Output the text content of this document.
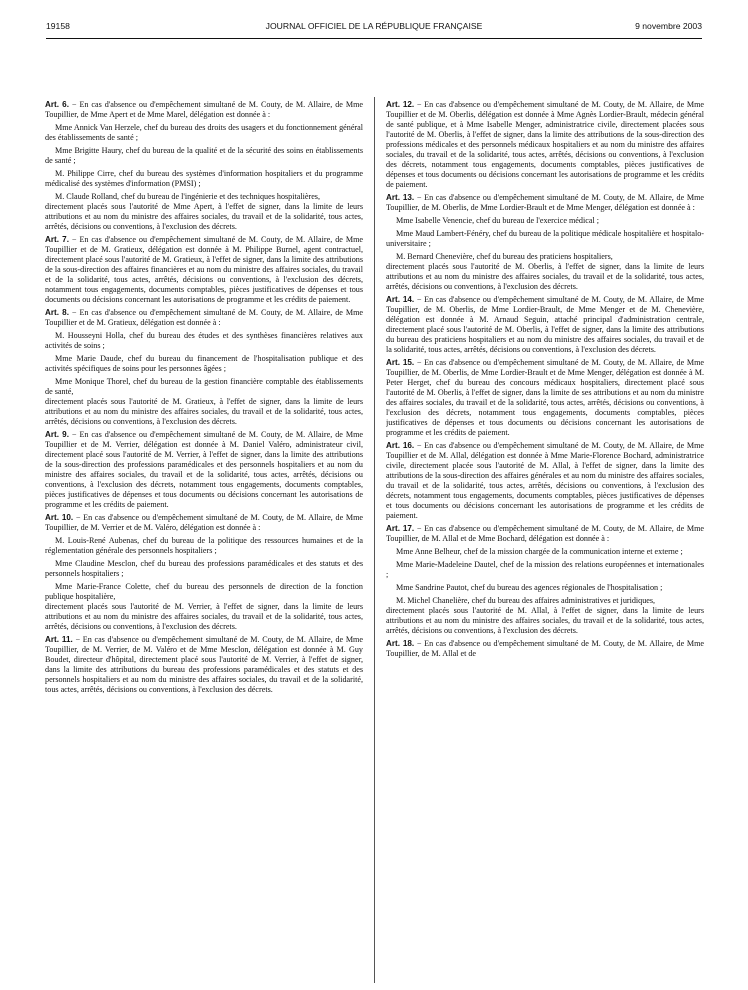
19158	JOURNAL OFFICIEL DE LA RÉPUBLIQUE FRANÇAISE	9 novembre 2003

Art. 6. − En cas d'absence ou d'empêchement simultané de M. Couty, de M. Allaire, de Mme Toupillier, de Mme Apert et de Mme Marel, délégation est donnée à :

Mme Annick Van Herzele, chef du bureau des droits des usagers et du fonctionnement général des établissements de santé ;

Mme Brigitte Haury, chef du bureau de la qualité et de la sécurité des soins en établissements de santé ;

M. Philippe Cirre, chef du bureau des systèmes d'information hospitaliers et du programme médicalisé des systèmes d'information (PMSI) ;

M. Claude Rolland, chef du bureau de l'ingénierie et des techniques hospitalières,

directement placés sous l'autorité de Mme Apert, à l'effet de signer, dans la limite de leurs attributions et au nom du ministre des affaires sociales, du travail et de la solidarité, tous actes, arrêtés, décisions ou conventions, à l'exclusion des décrets.

Art. 7. − En cas d'absence ou d'empêchement simultané de M. Couty, de M. Allaire, de Mme Toupillier et de M. Gratieux, délégation est donnée à M. Philippe Burnel, agent contractuel, directement placé sous l'autorité de M. Gratieux, à l'effet de signer, dans la limite des attributions de la sous-direction des affaires financières et au nom du ministre des affaires sociales, du travail et de la solidarité, tous actes, arrêtés, décisions ou conventions, à l'exclusion des décrets, notamment tous engagements, documents comptables, pièces justificatives de dépenses et tous documents ou décisions concernant les autorisations de programme et les crédits de paiement.

Art. 8. − En cas d'absence ou d'empêchement simultané de M. Couty, de M. Allaire, de Mme Toupillier et de M. Gratieux, délégation est donnée à :

M. Housseyni Holla, chef du bureau des études et des synthèses financières relatives aux activités de soins ;

Mme Marie Daude, chef du bureau du financement de l'hospitalisation publique et des activités spécifiques de soins pour les personnes âgées ;

Mme Monique Thorel, chef du bureau de la gestion financière comptable des établissements de santé,

directement placés sous l'autorité de M. Gratieux, à l'effet de signer, dans la limite de leurs attributions et au nom du ministre des affaires sociales, du travail et de la solidarité, tous actes, arrêtés, décisions ou conventions, à l'exclusion des décrets.

Art. 9. − En cas d'absence ou d'empêchement simultané de M. Couty, de M. Allaire, de Mme Toupillier et de M. Verrier, délégation est donnée à M. Daniel Valéro, administrateur civil, directement placé sous l'autorité de M. Verrier, à l'effet de signer, dans la limite des attributions de la sous-direction des professions paramédicales et des personnels hospitaliers et au nom du ministre des affaires sociales, du travail et de la solidarité, tous actes, arrêtés, décisions ou conventions, à l'exclusion des décrets, notamment tous engagements, documents comptables, pièces justificatives de dépenses et tous documents ou décisions concernant les autorisations de programme et les crédits de paiement.

Art. 10. − En cas d'absence ou d'empêchement simultané de M. Couty, de M. Allaire, de Mme Toupillier, de M. Verrier et de M. Valéro, délégation est donnée à :

M. Louis-René Aubenas, chef du bureau de la politique des ressources humaines et de la réglementation générale des personnels hospitaliers ;

Mme Claudine Mesclon, chef du bureau des professions paramédicales et des statuts et des personnels hospitaliers ;

Mme Marie-France Colette, chef du bureau des personnels de direction de la fonction publique hospitalière,

directement placés sous l'autorité de M. Verrier, à l'effet de signer, dans la limite de leurs attributions et au nom du ministre des affaires sociales, du travail et de la solidarité, tous actes, arrêtés, décisions ou conventions, à l'exclusion des décrets.

Art. 11. − En cas d'absence ou d'empêchement simultané de M. Couty, de M. Allaire, de Mme Toupillier, de M. Verrier, de M. Valéro et de Mme Mesclon, délégation est donnée à M. Guy Boudet, directeur d'hôpital, directement placé sous l'autorité de M. Verrier, à l'effet de signer, dans la limite des attributions du bureau des professions paramédicales et des statuts et des personnels hospitaliers et au nom du ministre des affaires sociales, du travail et de la solidarité, tous actes, arrêtés, décisions ou conventions, à l'exclusion des décrets.

Art. 12. − En cas d'absence ou d'empêchement simultané de M. Couty, de M. Allaire, de Mme Toupillier et de M. Oberlis, délégation est donnée à Mme Agnès Lordier-Brault, médecin général de santé publique, et à Mme Isabelle Menger, administratrice civile, directement placées sous l'autorité de M. Oberlis, à l'effet de signer, dans la limite des attributions de la sous-direction des professions médicales et des personnels médicaux hospitaliers et au nom du ministre des affaires sociales, du travail et de la solidarité, tous actes, arrêtés, décisions ou conventions, à l'exclusion des décrets, notamment tous engagements, documents comptables, pièces justificatives de dépenses et tous documents ou décisions concernant les autorisations de programme et les crédits de paiement.

Art. 13. − En cas d'absence ou d'empêchement simultané de M. Couty, de M. Allaire, de Mme Toupillier, de M. Oberlis, de Mme Lordier-Brault et de Mme Menger, délégation est donnée à :

Mme Isabelle Venencie, chef du bureau de l'exercice médical ;

Mme Maud Lambert-Fénéry, chef du bureau de la politique médicale hospitalière et hospitalo-universitaire ;

M. Bernard Chenevière, chef du bureau des praticiens hospitaliers,

directement placés sous l'autorité de M. Oberlis, à l'effet de signer, dans la limite de leurs attributions et au nom du ministre des affaires sociales, du travail et de la solidarité, tous actes, arrêtés, décisions ou conventions, à l'exclusion des décrets.

Art. 14. − En cas d'absence ou d'empêchement simultané de M. Couty, de M. Allaire, de Mme Toupillier, de M. Oberlis, de Mme Lordier-Brault, de Mme Menger et de M. Chenevière, délégation est donnée à M. Arnaud Seguin, attaché principal d'administration centrale, directement placé sous l'autorité de M. Oberlis, à l'effet de signer, dans la limite des attributions du bureau des praticiens hospitaliers et au nom du ministre des affaires sociales, du travail et de la solidarité, tous actes, arrêtés, décisions ou conventions, à l'exclusion des décrets.

Art. 15. − En cas d'absence ou d'empêchement simultané de M. Couty, de M. Allaire, de Mme Toupillier, de M. Oberlis, de Mme Lordier-Brault et de Mme Menger, délégation est donnée à M. Peter Herget, chef du bureau des concours médicaux hospitaliers, directement placé sous l'autorité de M. Oberlis, à l'effet de signer, dans la limite de ses attributions et au nom du ministre des affaires sociales, du travail et de la solidarité, tous actes, arrêtés, décisions ou conventions, à l'exclusion des décrets, notamment tous engagements, documents comptables, pièces justificatives de dépenses et tous documents ou décisions concernant les autorisations de programme et les crédits de paiement.

Art. 16. − En cas d'absence ou d'empêchement simultané de M. Couty, de M. Allaire, de Mme Toupillier et de M. Allal, délégation est donnée à Mme Marie-Florence Bochard, administratrice civile, directement placée sous l'autorité de M. Allal, à l'effet de signer, dans la limite des attributions de la sous-direction des affaires générales et au nom du ministre des affaires sociales, du travail et de la solidarité, tous actes, arrêtés, décisions ou conventions, à l'exclusion des décrets, notamment tous engagements, documents comptables, pièces justificatives de dépenses et tous documents ou décisions concernant les autorisations de programme et les crédits de paiement.

Art. 17. − En cas d'absence ou d'empêchement simultané de M. Couty, de M. Allaire, de Mme Toupillier, de M. Allal et de Mme Bochard, délégation est donnée à :

Mme Anne Belheur, chef de la mission chargée de la communication interne et externe ;

Mme Marie-Madeleine Dautel, chef de la mission des relations européennes et internationales ;

Mme Sandrine Pautot, chef du bureau des agences régionales de l'hospitalisation ;

M. Michel Chanelière, chef du bureau des affaires administratives et juridiques,

directement placés sous l'autorité de M. Allal, à l'effet de signer, dans la limite de leurs attributions et au nom du ministre des affaires sociales, du travail et de la solidarité, tous actes, arrêtés, décisions ou conventions, à l'exclusion des décrets.

Art. 18. − En cas d'absence ou d'empêchement simultané de M. Couty, de M. Allaire, de Mme Toupillier, de M. Allal et de
